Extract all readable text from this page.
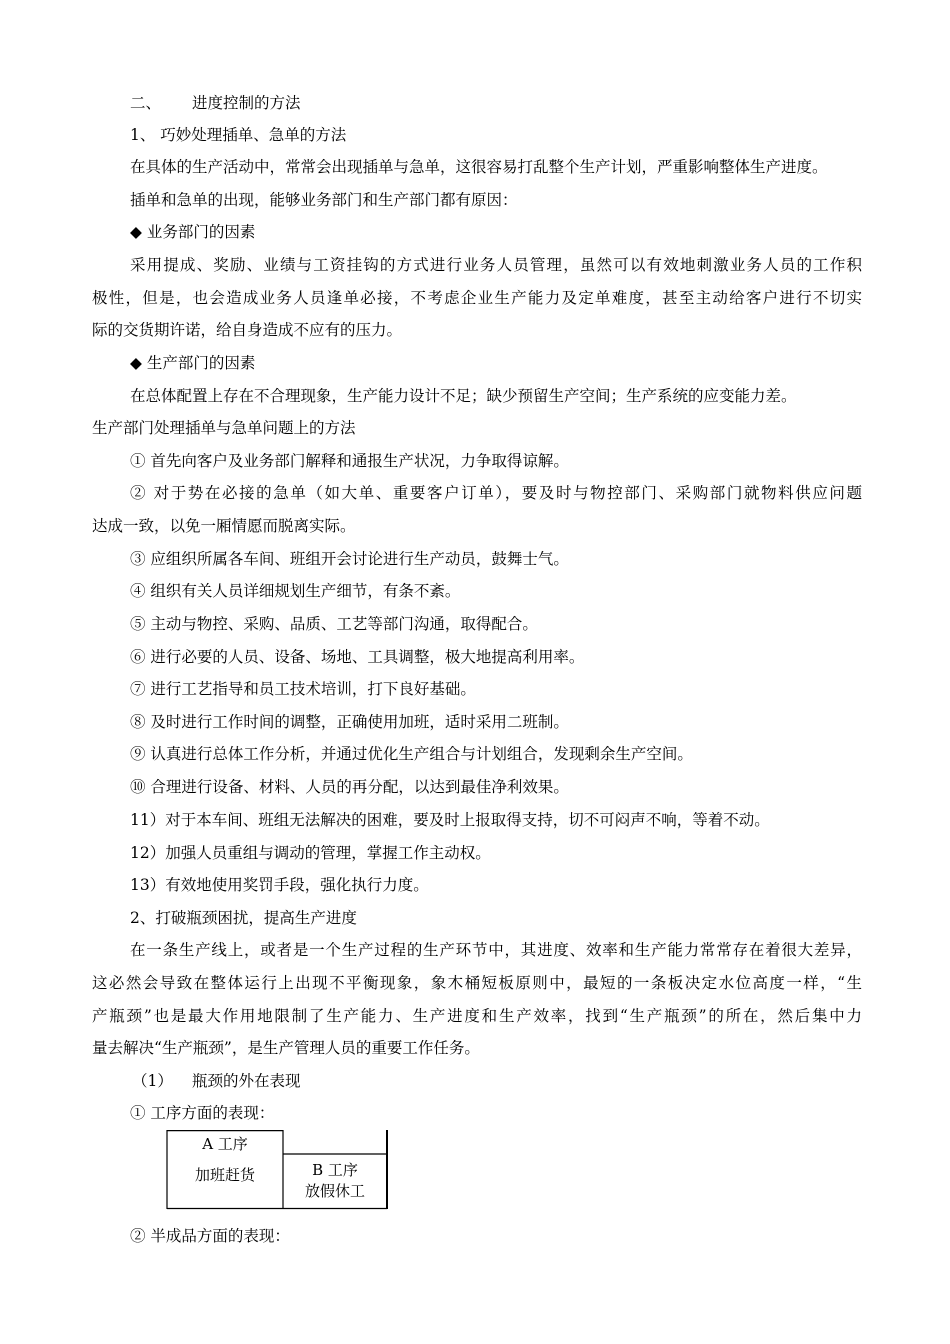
二、 进度控制的方法
1、 巧妙处理插单、急单的方法
在具体的生产活动中，常常会出现插单与急单，这很容易打乱整个生产计划，严重影响整体生产进度。
插单和急单的出现，能够业务部门和生产部门都有原因：
◆ 业务部门的因素
采用提成、奖励、业绩与工资挂钩的方式进行业务人员管理，虽然可以有效地刺激业务人员的工作积
极性，但是，也会造成业务人员逢单必接，不考虑企业生产能力及定单难度，甚至主动给客户进行不切实
际的交货期许诺，给自身造成不应有的压力。
◆ 生产部门的因素
在总体配置上存在不合理现象，生产能力设计不足；缺少预留生产空间；生产系统的应变能力差。
生产部门处理插单与急单问题上的方法
① 首先向客户及业务部门解释和通报生产状况，力争取得谅解。
② 对于势在必接的急单（如大单、重要客户订单），要及时与物控部门、采购部门就物料供应问题
达成一致，以免一厢情愿而脱离实际。
③ 应组织所属各车间、班组开会讨论进行生产动员，鼓舞士气。
④ 组织有关人员详细规划生产细节，有条不紊。
⑤ 主动与物控、采购、品质、工艺等部门沟通，取得配合。
⑥ 进行必要的人员、设备、场地、工具调整，极大地提高利用率。
⑦ 进行工艺指导和员工技术培训，打下良好基础。
⑧ 及时进行工作时间的调整，正确使用加班，适时采用二班制。
⑨ 认真进行总体工作分析，并通过优化生产组合与计划组合，发现剩余生产空间。
⑩ 合理进行设备、材料、人员的再分配，以达到最佳净利效果。
11）对于本车间、班组无法解决的困难，要及时上报取得支持，切不可闷声不响，等着不动。
12）加强人员重组与调动的管理，掌握工作主动权。
13）有效地使用奖罚手段，强化执行力度。
2、打破瓶颈困扰，提高生产进度
在一条生产线上，或者是一个生产过程的生产环节中，其进度、效率和生产能力常常存在着很大差异，
这必然会导致在整体运行上出现不平衡现象，象木桶短板原则中，最短的一条板决定水位高度一样，“生
产瓶颈”也是最大作用地限制了生产能力、生产进度和生产效率，找到“生产瓶颈”的所在，然后集中力
量去解决“生产瓶颈”，是生产管理人员的重要工作任务。
（1） 瓶颈的外在表现
① 工序方面的表现：
A 工序
加班赶货	B 工序
放假休工
② 半成品方面的表现：
